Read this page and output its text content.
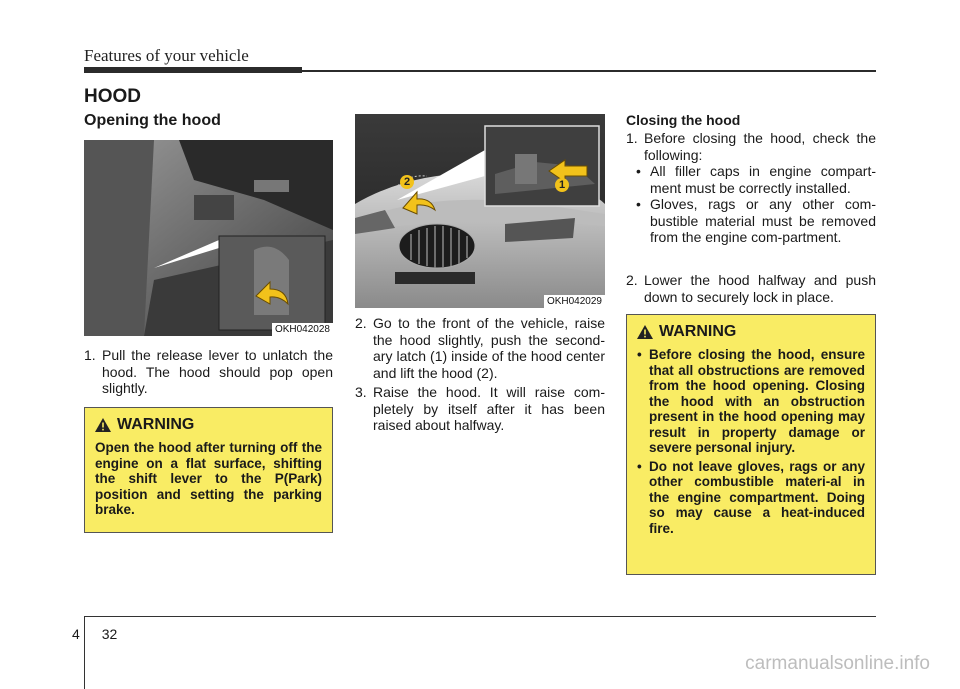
Features of your vehicle
HOOD
Opening the hood
OKH042028
2	1
OKH042029
1. Pull the release lever to unlatch the hood. The hood should pop open slightly.
WARNING
Open the hood after turning off the engine on a flat surface, shifting the shift lever to the P(Park) position and setting the parking brake.
2. Go to the front of the vehicle, raise the hood slightly, push the second-ary latch (1) inside of the hood center and lift the hood (2).
3. Raise the hood. It will raise com-pletely by itself after it has been raised about halfway.
Closing the hood
1. Before closing the hood, check the following:
• All filler caps in engine compart-ment must be correctly installed.
• Gloves, rags or any other com-bustible material must be removed from the engine com-partment.
2. Lower the hood halfway and push down to securely lock in place.
WARNING
• Before closing the hood, ensure that all obstructions are removed from the hood opening. Closing the hood with an obstruction present in the hood opening may result in property damage or severe personal injury.
• Do not leave gloves, rags or any other combustible materi-al in the engine compartment. Doing so may cause a heat-induced fire.
4 32
carmanualsonline.info
